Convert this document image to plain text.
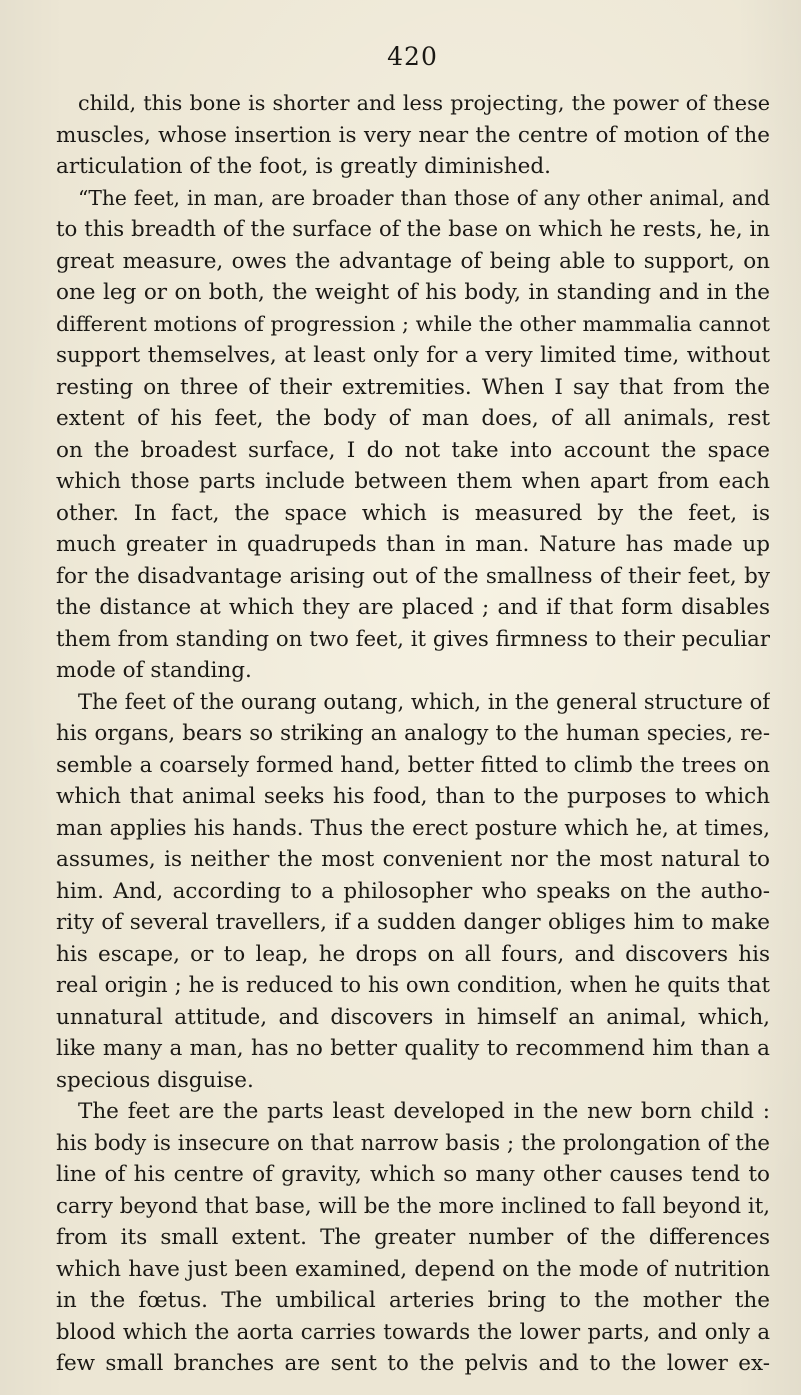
420
child, this bone is shorter and less projecting, the power of these
muscles, whose insertion is very near the centre of motion of the
articulation of the foot, is greatly diminished.
“The feet, in man, are broader than those of any other animal, and
to this breadth of the surface of the base on which he rests, he, in
great measure, owes the advantage of being able to support, on
one leg or on both, the weight of his body, in standing and in the
different motions of progression ; while the other mammalia cannot
support themselves, at least only for a very limited time, without
resting on three of their extremities. When I say that from the
extent of his feet, the body of man does, of all animals, rest
on the broadest surface, I do not take into account the space
which those parts include between them when apart from each
other. In fact, the space which is measured by the feet, is
much greater in quadrupeds than in man. Nature has made up
for the disadvantage arising out of the smallness of their feet, by
the distance at which they are placed ; and if that form disables
them from standing on two feet, it gives firmness to their peculiar
mode of standing.
The feet of the ourang outang, which, in the general structure of
his organs, bears so striking an analogy to the human species, re-
semble a coarsely formed hand, better fitted to climb the trees on
which that animal seeks his food, than to the purposes to which
man applies his hands. Thus the erect posture which he, at times,
assumes, is neither the most convenient nor the most natural to
him. And, according to a philosopher who speaks on the autho-
rity of several travellers, if a sudden danger obliges him to make
his escape, or to leap, he drops on all fours, and discovers his
real origin ; he is reduced to his own condition, when he quits that
unnatural attitude, and discovers in himself an animal, which,
like many a man, has no better quality to recommend him than a
specious disguise.
The feet are the parts least developed in the new born child :
his body is insecure on that narrow basis ; the prolongation of the
line of his centre of gravity, which so many other causes tend to
carry beyond that base, will be the more inclined to fall beyond it,
from its small extent. The greater number of the differences
which have just been examined, depend on the mode of nutrition
in the fœtus. The umbilical arteries bring to the mother the
blood which the aorta carries towards the lower parts, and only a
few small branches are sent to the pelvis and to the lower ex-
